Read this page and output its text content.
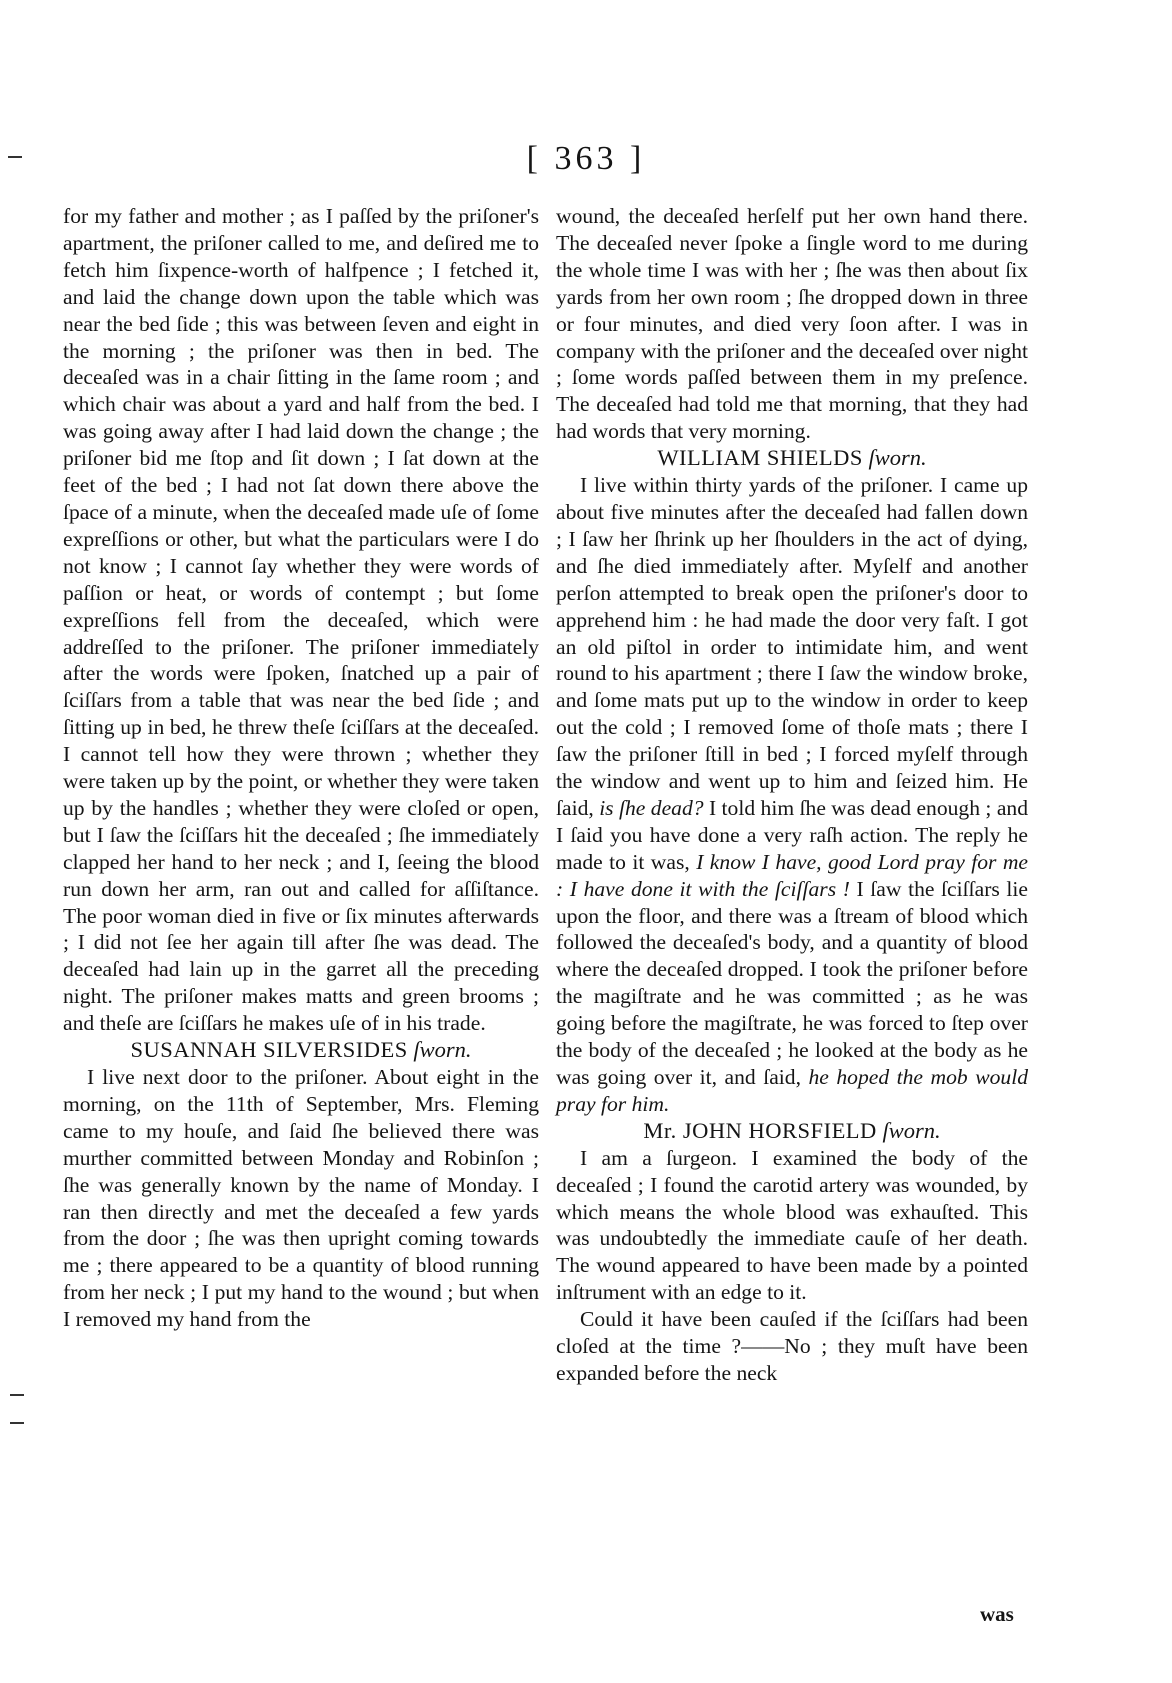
[ 363 ]

for my father and mother ; as I paſſed by the priſoner's apartment, the priſoner called to me, and deſired me to fetch him ſixpence-worth of halfpence ; I fetched it, and laid the change down upon the table which was near the bed ſide ; this was between ſeven and eight in the morning ; the priſoner was then in bed. The deceaſed was in a chair ſitting in the ſame room ; and which chair was about a yard and half from the bed. I was going away after I had laid down the change ; the priſoner bid me ſtop and ſit down ; I ſat down at the feet of the bed ; I had not ſat down there above the ſpace of a minute, when the deceaſed made uſe of ſome expreſſions or other, but what the particulars were I do not know ; I cannot ſay whether they were words of paſſion or heat, or words of contempt ; but ſome expreſſions fell from the deceaſed, which were addreſſed to the priſoner. The priſoner immediately after the words were ſpoken, ſnatched up a pair of ſciſſars from a table that was near the bed ſide ; and ſitting up in bed, he threw theſe ſciſſars at the deceaſed. I cannot tell how they were thrown ; whether they were taken up by the point, or whether they were taken up by the handles ; whether they were cloſed or open, but I ſaw the ſciſſars hit the deceaſed ; ſhe immediately clapped her hand to her neck ; and I, ſeeing the blood run down her arm, ran out and called for aſſiſtance. The poor woman died in five or ſix minutes afterwards ; I did not ſee her again till after ſhe was dead. The deceaſed had lain up in the garret all the preceding night. The priſoner makes matts and green brooms ; and theſe are ſciſſars he makes uſe of in his trade.

SUSANNAH SILVERSIDES ſworn.

I live next door to the priſoner. About eight in the morning, on the 11th of September, Mrs. Fleming came to my houſe, and ſaid ſhe believed there was murther committed between Monday and Robinſon ; ſhe was generally known by the name of Monday. I ran then directly and met the deceaſed a few yards from the door ; ſhe was then upright coming towards me ; there appeared to be a quantity of blood running from her neck ; I put my hand to the wound ; but when I removed my hand from the

wound, the deceaſed herſelf put her own hand there. The deceaſed never ſpoke a ſingle word to me during the whole time I was with her ; ſhe was then about ſix yards from her own room ; ſhe dropped down in three or four minutes, and died very ſoon after. I was in company with the priſoner and the deceaſed over night ; ſome words paſſed between them in my preſence. The deceaſed had told me that morning, that they had had words that very morning.

WILLIAM SHIELDS ſworn.

I live within thirty yards of the priſoner. I came up about five minutes after the deceaſed had fallen down ; I ſaw her ſhrink up her ſhoulders in the act of dying, and ſhe died immediately after. Myſelf and another perſon attempted to break open the priſoner's door to apprehend him : he had made the door very faſt. I got an old piſtol in order to intimidate him, and went round to his apartment ; there I ſaw the window broke, and ſome mats put up to the window in order to keep out the cold ; I removed ſome of thoſe mats ; there I ſaw the priſoner ſtill in bed ; I forced myſelf through the window and went up to him and ſeized him. He ſaid, is ſhe dead? I told him ſhe was dead enough ; and I ſaid you have done a very raſh action. The reply he made to it was, I know I have, good Lord pray for me : I have done it with the ſciſſars ! I ſaw the ſciſſars lie upon the floor, and there was a ſtream of blood which followed the deceaſed's body, and a quantity of blood where the deceaſed dropped. I took the priſoner before the magiſtrate and he was committed ; as he was going before the magiſtrate, he was forced to ſtep over the body of the deceaſed ; he looked at the body as he was going over it, and ſaid, he hoped the mob would pray for him.

Mr. JOHN HORSFIELD ſworn.

I am a ſurgeon. I examined the body of the deceaſed ; I found the carotid artery was wounded, by which means the whole blood was exhauſted. This was undoubtedly the immediate cauſe of her death. The wound appeared to have been made by a pointed inſtrument with an edge to it.

Could it have been cauſed if the ſciſſars had been cloſed at the time ?——No ; they muſt have been expanded before the neck

was
